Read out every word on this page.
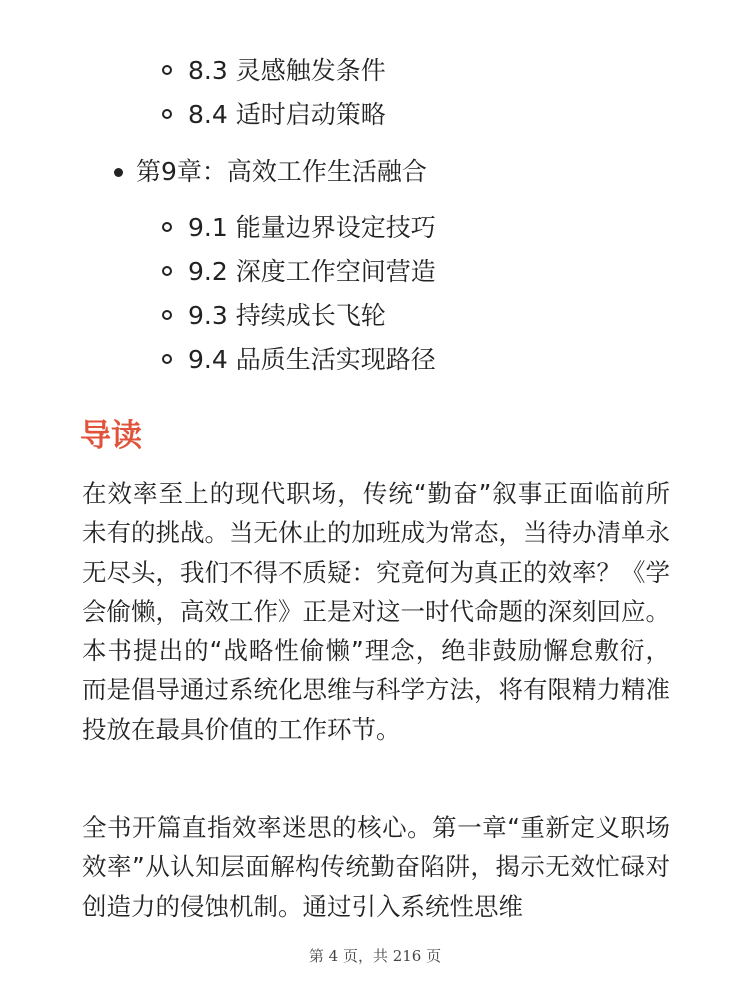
8.3 灵感触发条件
8.4 适时启动策略
第9章：高效工作生活融合
9.1 能量边界设定技巧
9.2 深度工作空间营造
9.3 持续成长飞轮
9.4 品质生活实现路径
导读

在效率至上的现代职场，传统“勤奋”叙事正面临前所未有的挑战。当无休止的加班成为常态，当待办清单永无尽头，我们不得不质疑：究竟何为真正的效率？《学会偷懒，高效工作》正是对这一时代命题的深刻回应。本书提出的“战略性偷懒”理念，绝非鼓励懈怠敷衍，而是倡导通过系统化思维与科学方法，将有限精力精准投放在最具价值的工作环节。

全书开篇直指效率迷思的核心。第一章“重新定义职场效率”从认知层面解构传统勤奋陷阱，揭示无效忙碌对创造力的侵蚀机制。通过引入系统性思维

第 4 页，共 216 页
